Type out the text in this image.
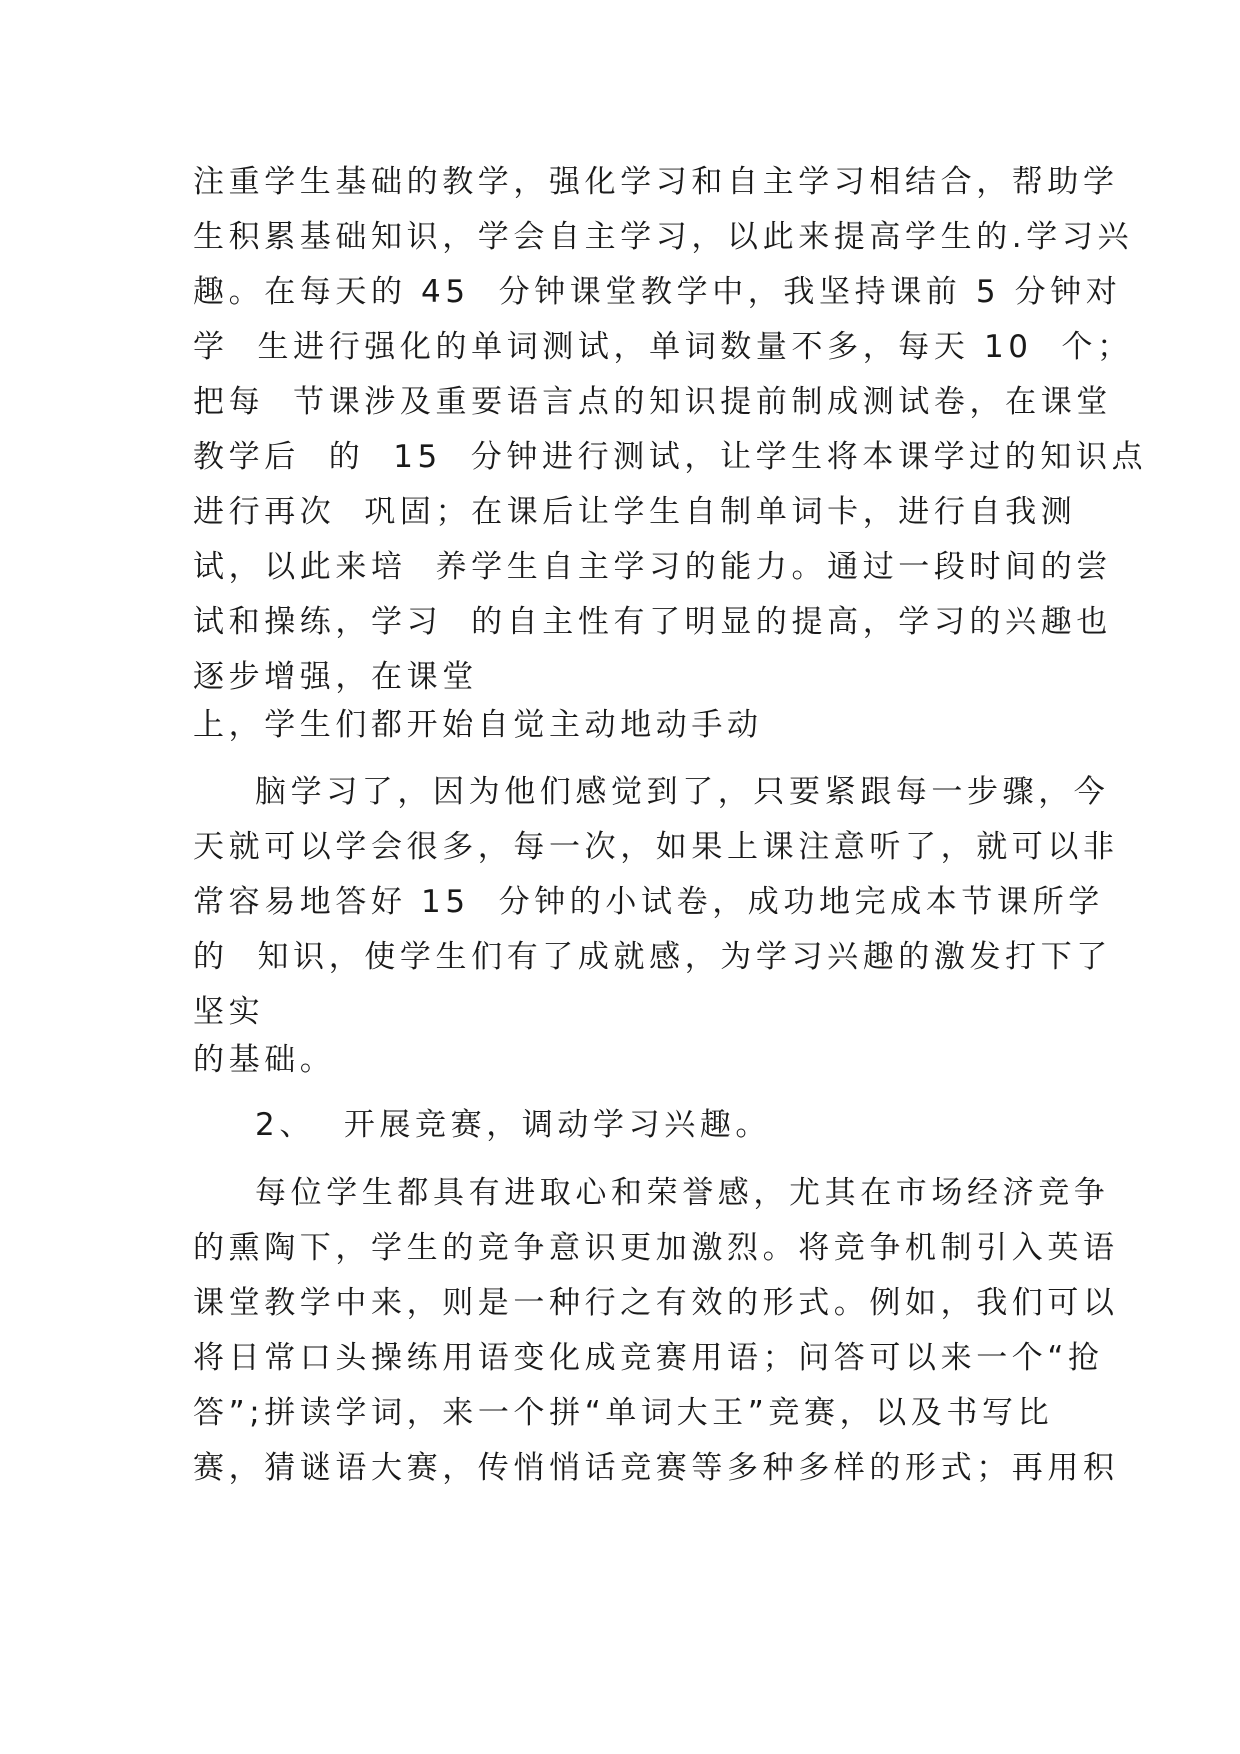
注重学生基础的教学，强化学习和自主学习相结合，帮助学
生积累基础知识，学会自主学习，以此来提高学生的.学习兴
趣。在每天的 45  分钟课堂教学中，我坚持课前 5 分钟对
学  生进行强化的单词测试，单词数量不多，每天 10  个；
把每  节课涉及重要语言点的知识提前制成测试卷，在课堂
教学后  的  15  分钟进行测试，让学生将本课学过的知识点
进行再次  巩固；在课后让学生自制单词卡，进行自我测
试，以此来培  养学生自主学习的能力。通过一段时间的尝
试和操练，学习  的自主性有了明显的提高，学习的兴趣也
逐步增强，在课堂
上，学生们都开始自觉主动地动手动
脑学习了，因为他们感觉到了，只要紧跟每一步骤，今
天就可以学会很多，每一次，如果上课注意听了，就可以非
常容易地答好 15  分钟的小试卷，成功地完成本节课所学
的  知识，使学生们有了成就感，为学习兴趣的激发打下了
坚实
的基础。
2、  开展竞赛，调动学习兴趣。
每位学生都具有进取心和荣誉感，尤其在市场经济竞争
的熏陶下，学生的竞争意识更加激烈。将竞争机制引入英语
课堂教学中来，则是一种行之有效的形式。例如，我们可以
将日常口头操练用语变化成竞赛用语；问答可以来一个“抢
答”;拼读学词，来一个拼“单词大王”竞赛，以及书写比
赛，猜谜语大赛，传悄悄话竞赛等多种多样的形式；再用积
